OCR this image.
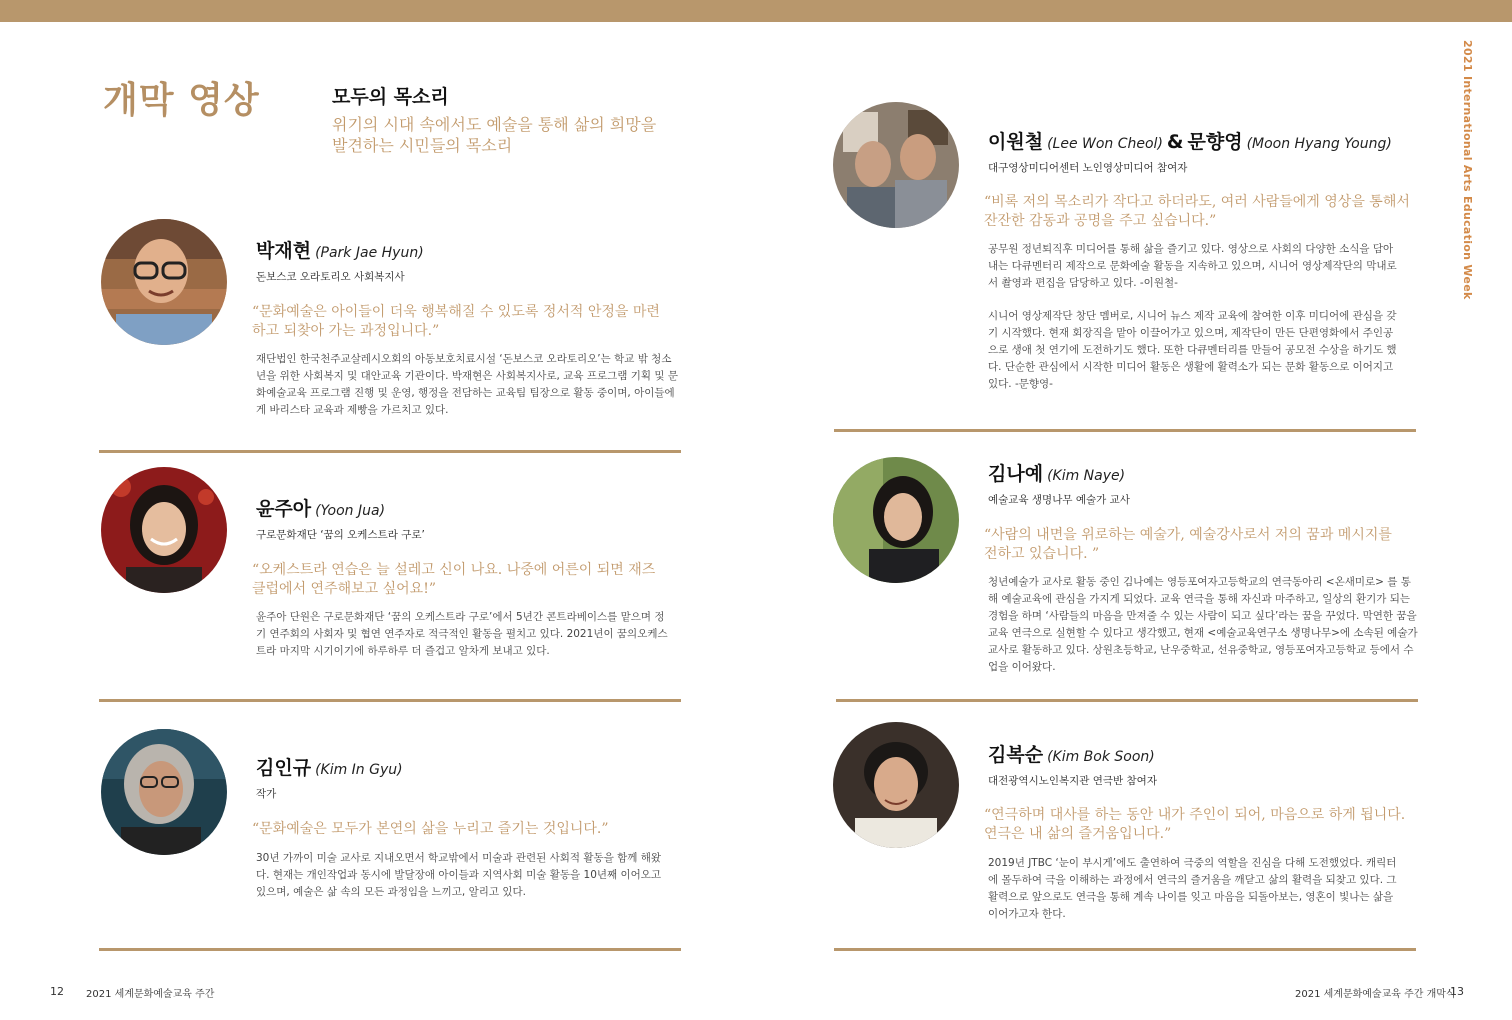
개막 영상	모두의 목소리
위기의 시대 속에서도 예술을 통해 삶의 희망을 발견하는 시민들의 목소리	2021 International Arts Education Week
박재현 (Park Jae Hyun)
돈보스코 오라토리오 사회복지사
“문화예술은 아이들이 더욱 행복해질 수 있도록 정서적 안정을 마련하고 되찾아 가는 과정입니다.”
재단법인 한국천주교살레시오회의 아동보호치료시설 ‘돈보스코 오라토리오’는 학교 밖 청소년을 위한 사회복지 및 대안교육 기관이다. 박재현은 사회복지사로, 교육 프로그램 기획 및 문화예술교육 프로그램 진행 및 운영, 행정을 전담하는 교육팀 팀장으로 활동 중이며, 아이들에게 바리스타 교육과 제빵을 가르치고 있다.
윤주아 (Yoon Jua)
구로문화재단 ‘꿈의 오케스트라 구로’
“오케스트라 연습은 늘 설레고 신이 나요. 나중에 어른이 되면 재즈클럽에서 연주해보고 싶어요!”
윤주아 단원은 구로문화재단 ‘꿈의 오케스트라 구로’에서 5년간 콘트라베이스를 맡으며 정기 연주회의 사회자 및 협연 연주자로 적극적인 활동을 펼치고 있다. 2021년이 꿈의오케스트라 마지막 시기이기에 하루하루 더 즐겁고 알차게 보내고 있다.
김인규 (Kim In Gyu)
작가
“문화예술은 모두가 본연의 삶을 누리고 즐기는 것입니다.”
30년 가까이 미술 교사로 지내오면서 학교밖에서 미술과 관련된 사회적 활동을 함께 해왔다. 현재는 개인작업과 동시에 발달장애 아이들과 지역사회 미술 활동을 10년째 이어오고 있으며, 예술은 삶 속의 모든 과정임을 느끼고, 알리고 있다.
이원철 (Lee Won Cheol) & 문향영 (Moon Hyang Young)
대구영상미디어센터 노인영상미디어 참여자
“비록 저의 목소리가 작다고 하더라도, 여러 사람들에게 영상을 통해서 잔잔한 감동과 공명을 주고 싶습니다.”

공무원 정년퇴직후 미디어를 통해 삶을 즐기고 있다. 영상으로 사회의 다양한 소식을 담아내는 다큐멘터리 제작으로 문화예술 활동을 지속하고 있으며, 시니어 영상제작단의 막내로서 촬영과 편집을 담당하고 있다. -이원철-

시니어 영상제작단 창단 멤버로, 시니어 뉴스 제작 교육에 참여한 이후 미디어에 관심을 갖기 시작했다. 현재 회장직을 맡아 이끌어가고 있으며, 제작단이 만든 단편영화에서 주인공으로 생애 첫 연기에 도전하기도 했다. 또한 다큐멘터리를 만들어 공모전 수상을 하기도 했다. 단순한 관심에서 시작한 미디어 활동은 생활에 활력소가 되는 문화 활동으로 이어지고 있다. -문향영-

김나예 (Kim Naye)
예술교육 생명나무 예술가 교사
“사람의 내면을 위로하는 예술가, 예술강사로서 저의 꿈과 메시지를 전하고 있습니다. ”
청년예술가 교사로 활동 중인 김나예는 영등포여자고등학교의 연극동아리 <온새미로> 를 통해 예술교육에 관심을 가지게 되었다. 교육 연극을 통해 자신과 마주하고, 일상의 환기가 되는 경험을 하며 ‘사람들의 마음을 만져줄 수 있는 사람이 되고 싶다’라는 꿈을 꾸었다. 막연한 꿈을 교육 연극으로 실현할 수 있다고 생각했고, 현재 <예술교육연구소 생명나무>에 소속된 예술가 교사로 활동하고 있다. 상원초등학교, 난우중학교, 선유중학교, 영등포여자고등학교 등에서 수업을 이어왔다.
김복순 (Kim Bok Soon)
대전광역시노인복지관 연극반 참여자
“연극하며 대사를 하는 동안 내가 주인이 되어, 마음으로 하게 됩니다. 연극은 내 삶의 즐거움입니다.”
2019년 JTBC ‘눈이 부시게’에도 출연하여 극중의 역할을 진심을 다해 도전했었다. 캐릭터에 몰두하여 극을 이해하는 과정에서 연극의 즐거움을 깨닫고 삶의 활력을 되찾고 있다. 그 활력으로 앞으로도 연극을 통해 계속 나이를 잊고 마음을 되돌아보는, 영혼이 빛나는 삶을 이어가고자 한다.
12 2021 세계문화예술교육 주간	2021 세계문화예술교육 주간 개막식
13
